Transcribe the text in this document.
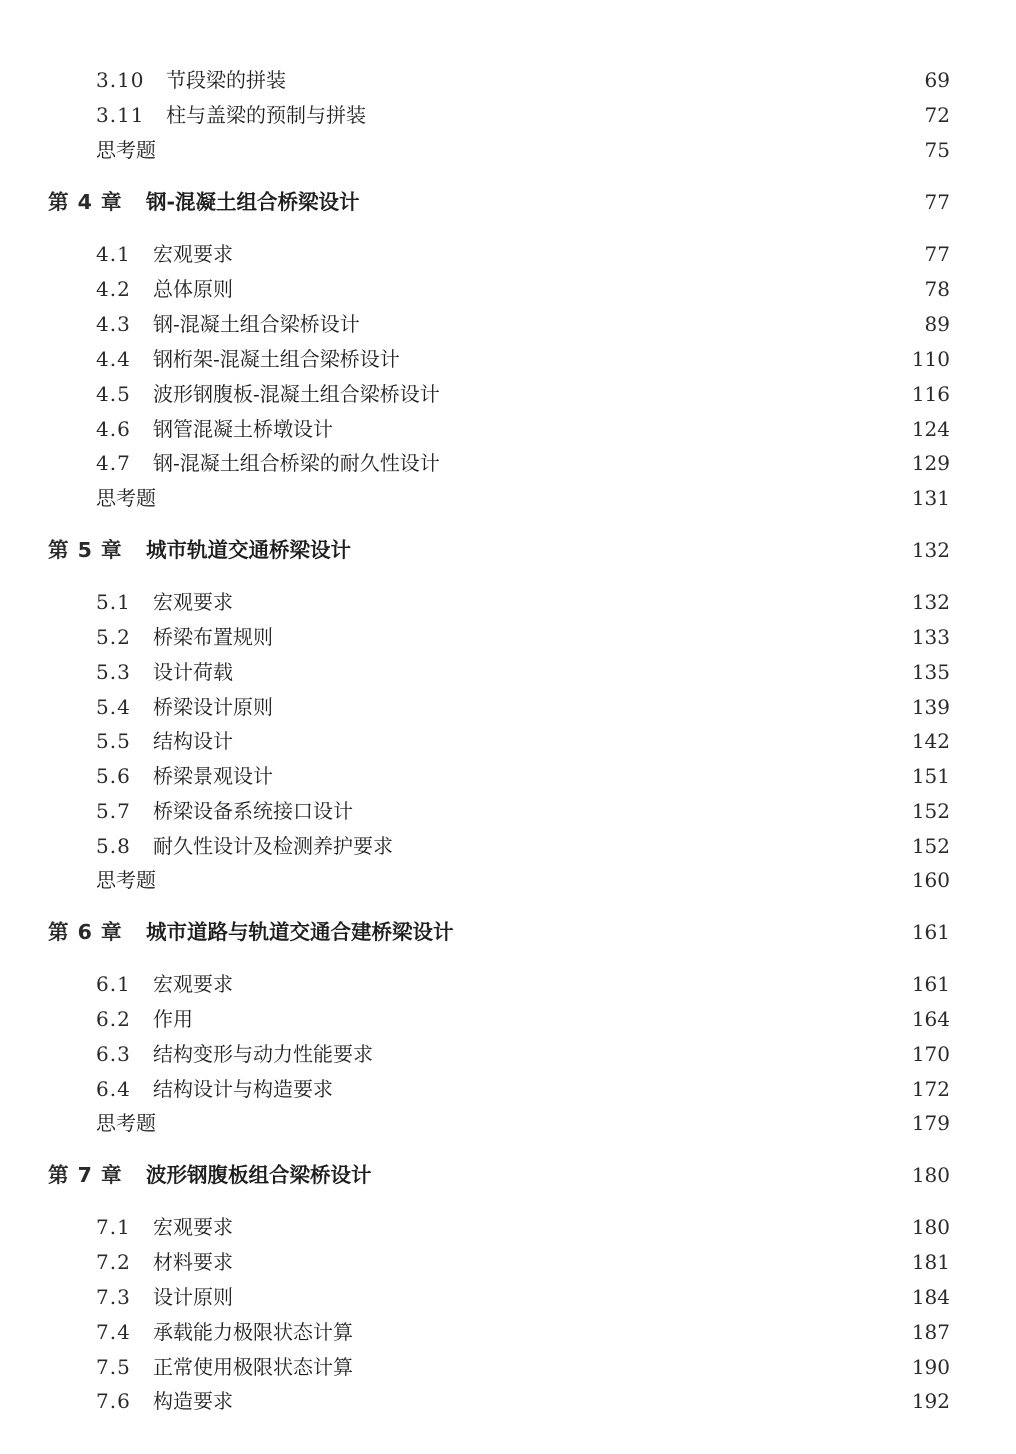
3.10	节段梁的拼装	69
3.11	柱与盖梁的预制与拼装	72
思考题	75
第 4 章	钢-混凝土组合桥梁设计	77
4.1	宏观要求	77
4.2	总体原则	78
4.3	钢-混凝土组合梁桥设计	89
4.4	钢桁架-混凝土组合梁桥设计	110
4.5	波形钢腹板-混凝土组合梁桥设计	116
4.6	钢管混凝土桥墩设计	124
4.7	钢-混凝土组合桥梁的耐久性设计	129
思考题	131
第 5 章	城市轨道交通桥梁设计	132
5.1	宏观要求	132
5.2	桥梁布置规则	133
5.3	设计荷载	135
5.4	桥梁设计原则	139
5.5	结构设计	142
5.6	桥梁景观设计	151
5.7	桥梁设备系统接口设计	152
5.8	耐久性设计及检测养护要求	152
思考题	160
第 6 章	城市道路与轨道交通合建桥梁设计	161
6.1	宏观要求	161
6.2	作用	164
6.3	结构变形与动力性能要求	170
6.4	结构设计与构造要求	172
思考题	179
第 7 章	波形钢腹板组合梁桥设计	180
7.1	宏观要求	180
7.2	材料要求	181
7.3	设计原则	184
7.4	承载能力极限状态计算	187
7.5	正常使用极限状态计算	190
7.6	构造要求	192
